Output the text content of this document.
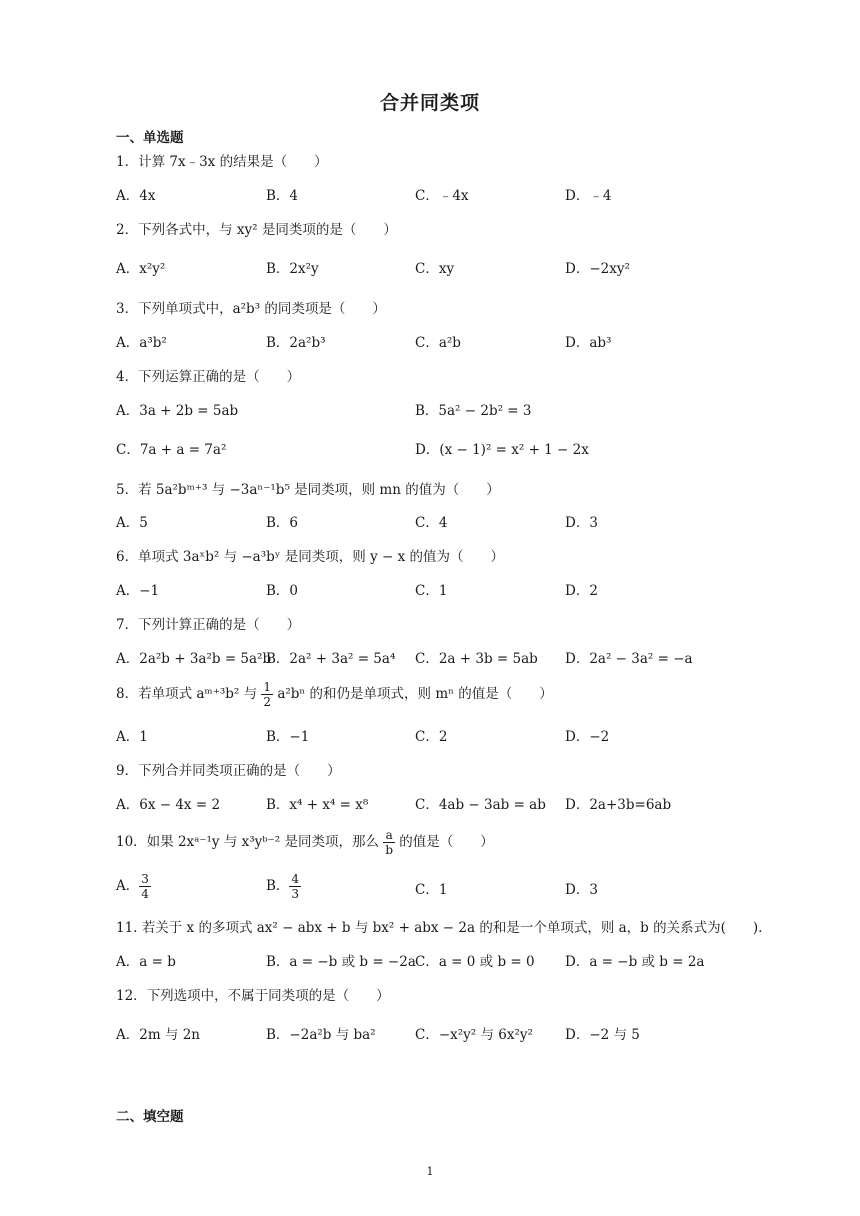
合并同类项
一、单选题
1．计算 7x﹣3x 的结果是（　　）
A．4x	B．4	C．﹣4x	D．﹣4
2．下列各式中，与 xy² 是同类项的是（　　）
A．x²y²	B．2x²y	C．xy	D．−2xy²
3．下列单项式中，a²b³ 的同类项是（　　）
A．a³b²	B．2a²b³	C．a²b	D．ab³
4．下列运算正确的是（　　）
A．3a + 2b = 5ab	B．5a² − 2b² = 3
C．7a + a = 7a²	D．(x − 1)² = x² + 1 − 2x
5．若 5a²bᵐ⁺³ 与 −3aⁿ⁻¹b⁵ 是同类项，则 mn 的值为（　　）
A．5	B．6	C．4	D．3
6．单项式 3aˣb² 与 −a³bʸ 是同类项，则 y − x 的值为（　　）
A．−1	B．0	C．1	D．2
7．下列计算正确的是（　　）
A．2a²b + 3a²b = 5a²b
B．2a² + 3a² = 5a⁴ C．2a + 3b = 5ab D．2a² − 3a² = −a
8．若单项式 aᵐ⁺³b² 与 $\frac{1}{2} a^2b^n$ 的和仍是单项式，则 mⁿ 的值是（　　）
A．1	B．−1	C．2	D．−2
9．下列合并同类项正确的是（　　）
A．6x − 4x = 2	B．x⁴ + x⁴ = x⁸	C．4ab − 3ab = ab D．2a+3b=6ab
10．如果 2xᵃ⁻¹y 与 x³yᵇ⁻² 是同类项，那么 $\frac{a}{b}$ 的值是（　　）
A． $\frac{3}{4}$	B． $\frac{4}{3}$	C．1	D．3
11. 若关于 x 的多项式 ax² − abx + b 与 bx² + abx − 2a 的和是一个单项式，则 a，b 的关系式为(　　).
A．a = b	B．a = −b 或 b = −2a C．a = 0 或 b = 0 D．a = −b 或 b = 2a
12．下列选项中，不属于同类项的是（　　）
A．2m 与 2n	B．−2a²b 与 ba²	C．−x²y² 与 6x²y² D．−2 与 5
二、填空题
1
